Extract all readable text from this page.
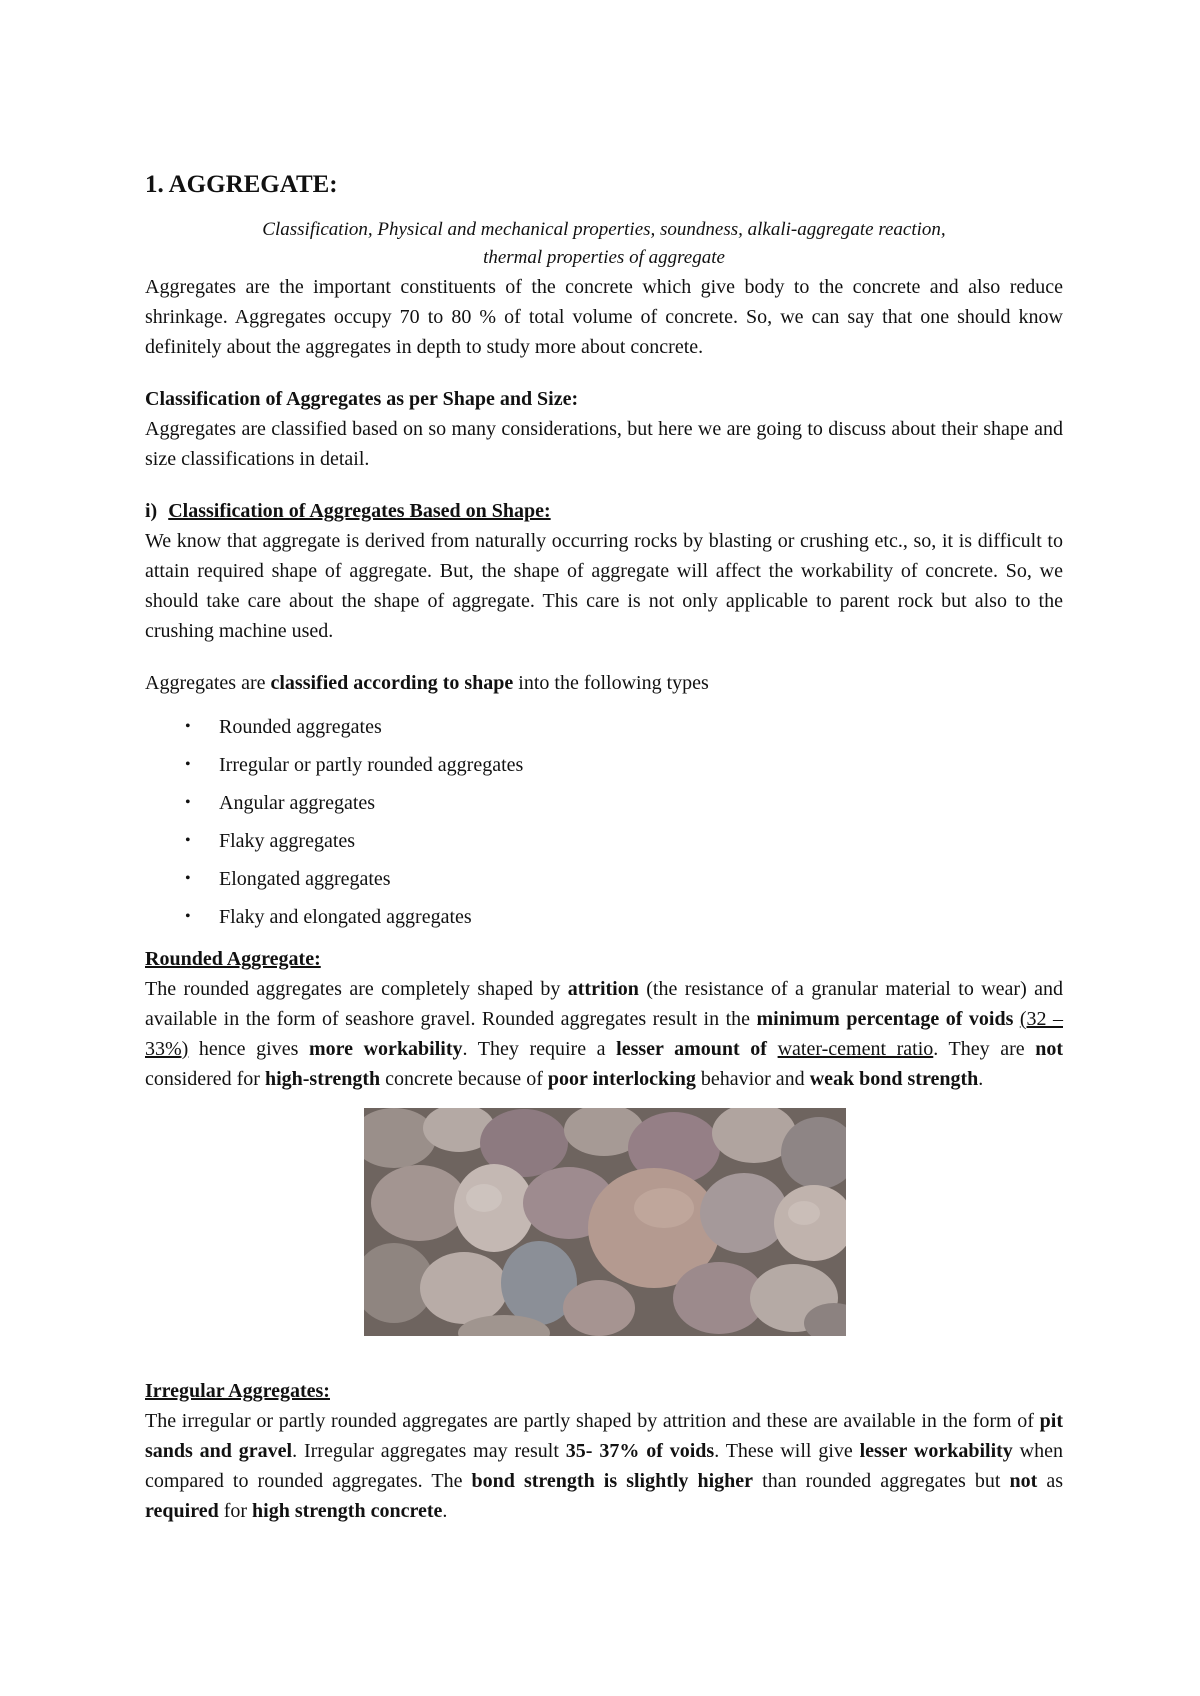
1. AGGREGATE:

Classification, Physical and mechanical properties, soundness, alkali-aggregate reaction,

thermal properties of aggregate

Aggregates are the important constituents of the concrete which give body to the concrete and also reduce shrinkage. Aggregates occupy 70 to 80 % of total volume of concrete. So, we can say that one should know definitely about the aggregates in depth to study more about concrete.

Classification of Aggregates as per Shape and Size:

Aggregates are classified based on so many considerations, but here we are going to discuss about their shape and size classifications in detail.

i) Classification of Aggregates Based on Shape:

We know that aggregate is derived from naturally occurring rocks by blasting or crushing etc., so, it is difficult to attain required shape of aggregate. But, the shape of aggregate will affect the workability of concrete. So, we should take care about the shape of aggregate. This care is not only applicable to parent rock but also to the crushing machine used.

Aggregates are classified according to shape into the following types

• Rounded aggregates
• Irregular or partly rounded aggregates
• Angular aggregates
• Flaky aggregates
• Elongated aggregates
• Flaky and elongated aggregates

Rounded Aggregate:

The rounded aggregates are completely shaped by attrition (the resistance of a granular material to wear) and available in the form of seashore gravel. Rounded aggregates result in the minimum percentage of voids (32 – 33%) hence gives more workability. They require a lesser amount of water-cement ratio. They are not considered for high-strength concrete because of poor interlocking behavior and weak bond strength.

Irregular Aggregates:

The irregular or partly rounded aggregates are partly shaped by attrition and these are available in the form of pit sands and gravel. Irregular aggregates may result 35- 37% of voids. These will give lesser workability when compared to rounded aggregates. The bond strength is slightly higher than rounded aggregates but not as required for high strength concrete.
